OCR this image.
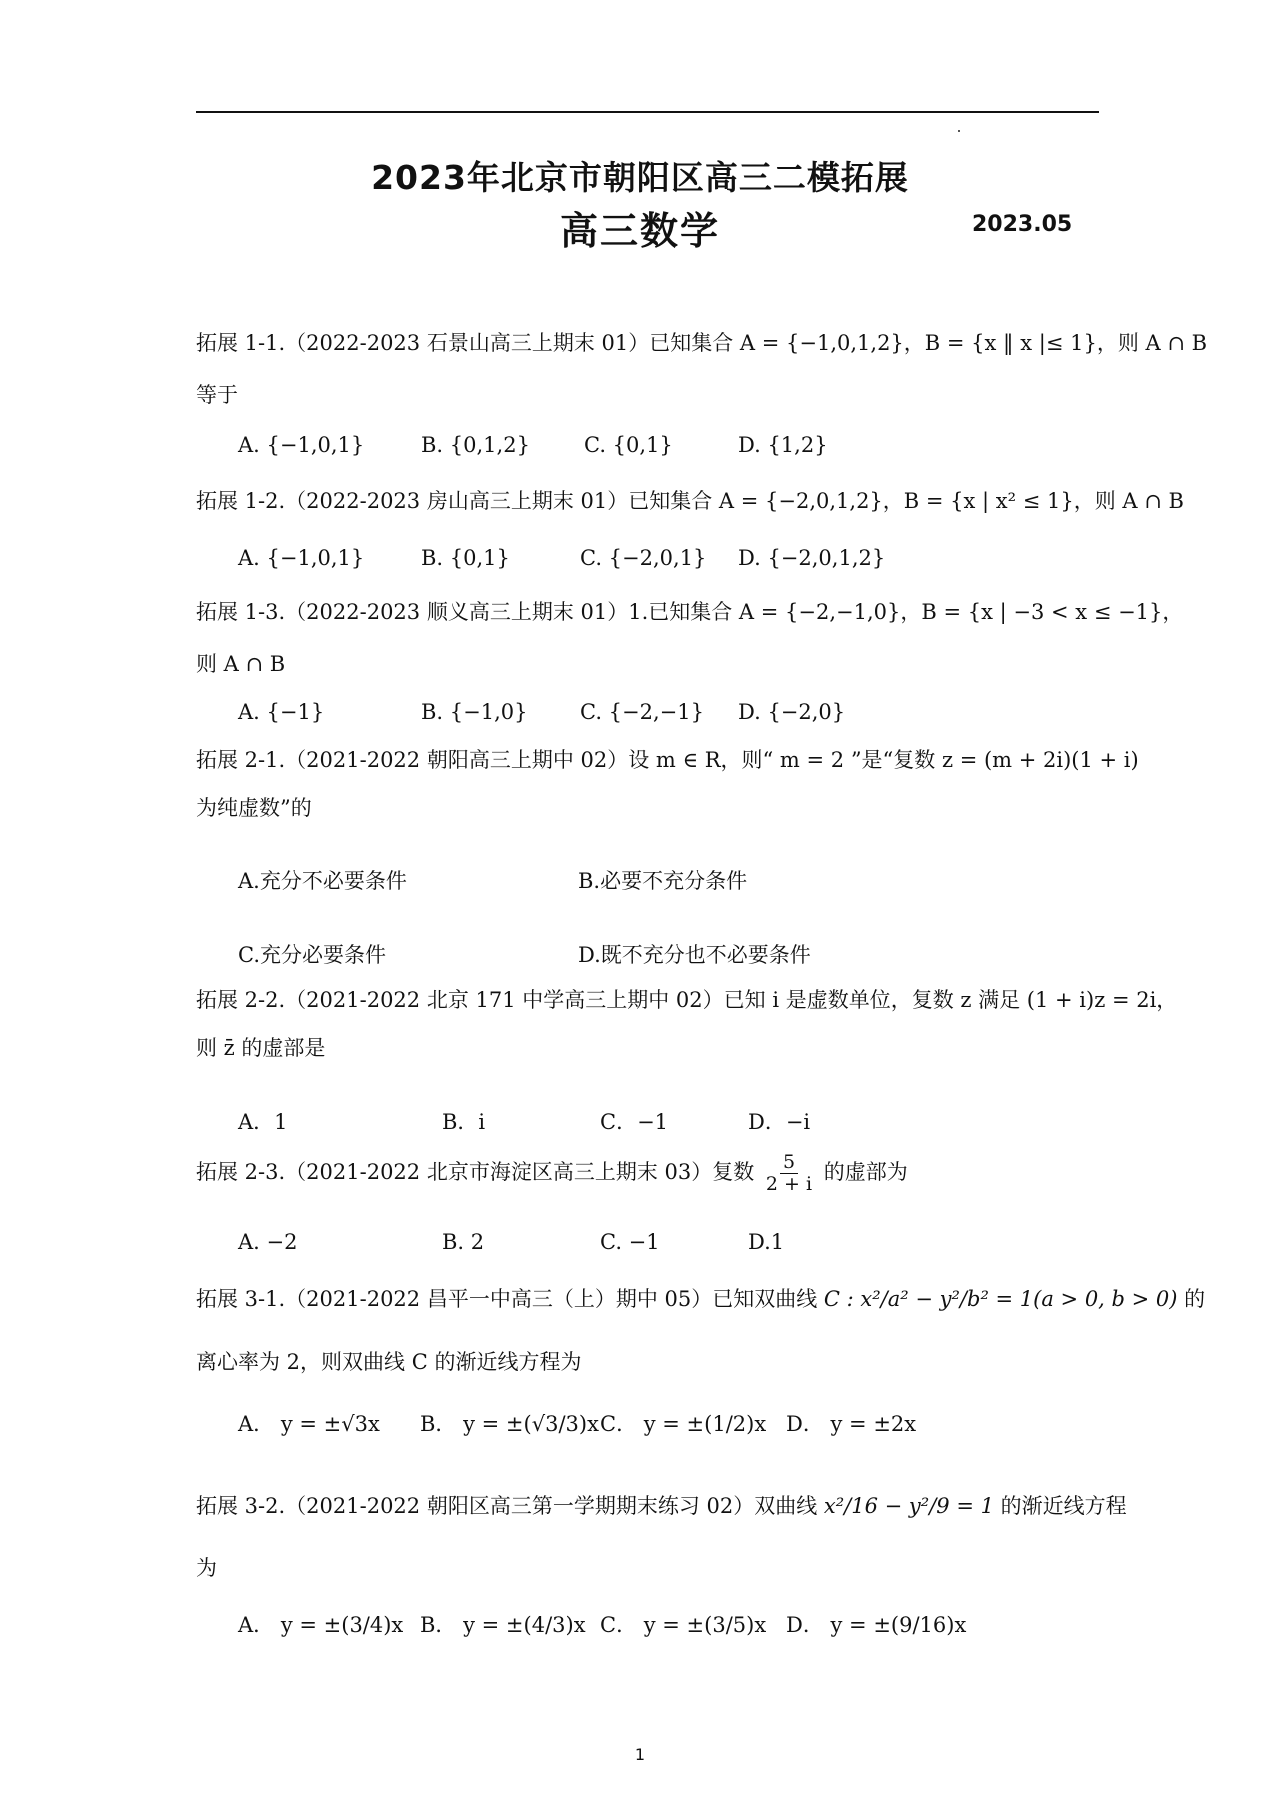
2023年北京市朝阳区高三二模拓展
高三数学	2023.05
拓展 1-1.（2022-2023 石景山高三上期末 01）已知集合 A = {−1,0,1,2}，B = {x ‖ x |≤ 1}，则 A ∩ B
等于
A. {−1,0,1}	B. {0,1,2}	C. {0,1}	D. {1,2}
拓展 1-2.（2022-2023 房山高三上期末 01）已知集合 A = {−2,0,1,2}，B = {x | x² ≤ 1}，则 A ∩ B
A. {−1,0,1}	B. {0,1}	C. {−2,0,1} D. {−2,0,1,2}
拓展 1-3.（2022-2023 顺义高三上期末 01）1.已知集合 A = {−2,−1,0}，B = {x | −3 < x ≤ −1}，
则 A ∩ B
A. {−1}	B. {−1,0}	C. {−2,−1} D. {−2,0}
拓展 2-1.（2021-2022 朝阳高三上期中 02）设 m ∈ R，则“ m = 2 ”是“复数 z = (m + 2i)(1 + i)
为纯虚数”的
A.充分不必要条件	B.必要不充分条件
C.充分必要条件	D.既不充分也不必要条件
拓展 2-2.（2021-2022 北京 171 中学高三上期中 02）已知 i 是虚数单位，复数 z 满足 (1 + i)z = 2i，
则 z̄ 的虚部是
A．1	B．i	C．−1	D．−i
拓展 2-3.（2021-2022 北京市海淀区高三上期末 03）复数 $\frac{5}{2 + i}$ 的虚部为
A. −2	B. 2	C. −1	D.1
拓展 3-1.（2021-2022 昌平一中高三（上）期中 05）已知双曲线 C : x²/a² − y²/b² = 1(a > 0, b > 0) 的
离心率为 2，则双曲线 C 的渐近线方程为
A． y = ±√3x B． y = ±(√3/3)x C． y = ±(1/2)x D． y = ±2x
拓展 3-2.（2021-2022 朝阳区高三第一学期期末练习 02）双曲线 x²/16 − y²/9 = 1 的渐近线方程
为
A． y = ±(3/4)x B． y = ±(4/3)x C． y = ±(3/5)x D． y = ±(9/16)x
1
